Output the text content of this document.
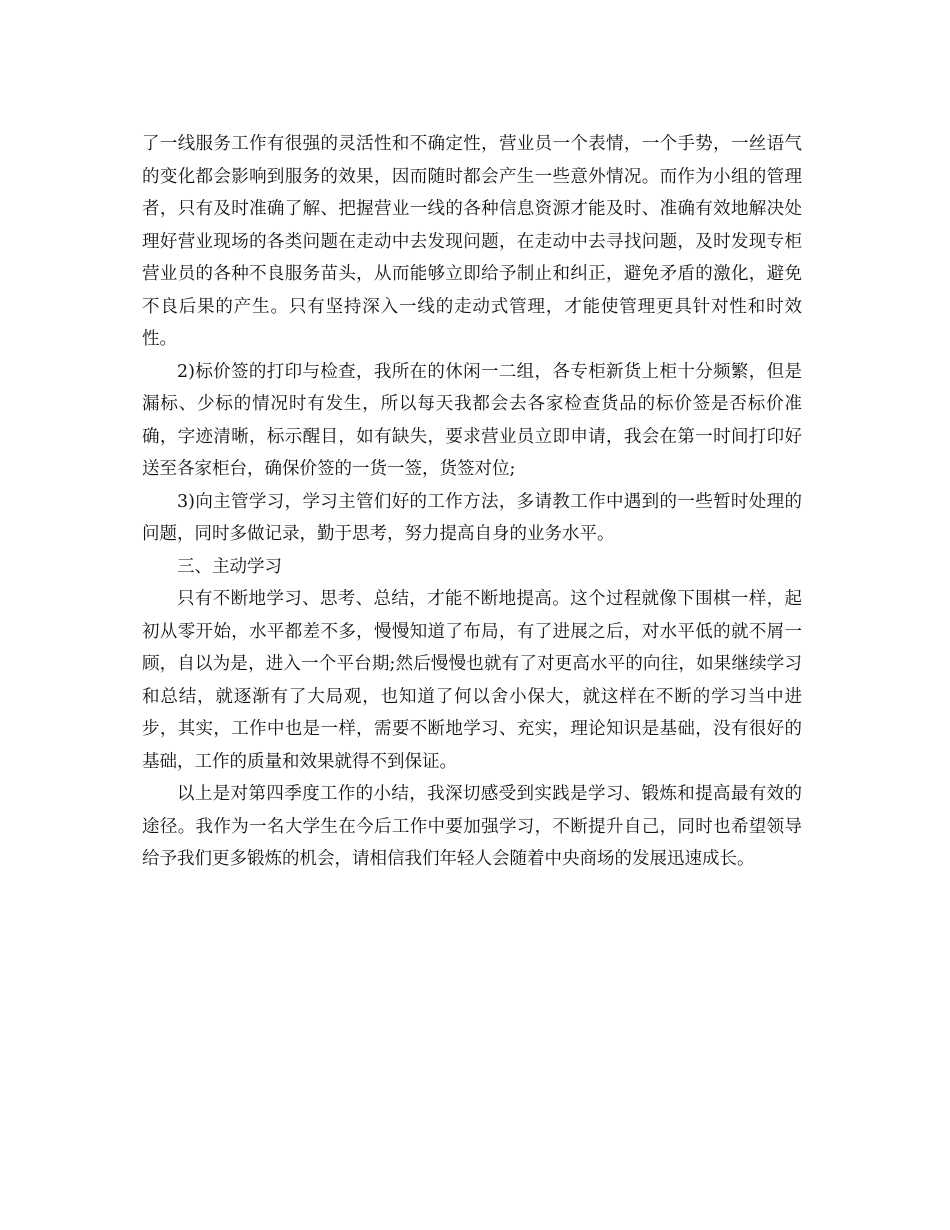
了一线服务工作有很强的灵活性和不确定性，营业员一个表情，一个手势，一丝语气的变化都会影响到服务的效果，因而随时都会产生一些意外情况。而作为小组的管理者，只有及时准确了解、把握营业一线的各种信息资源才能及时、准确有效地解决处理好营业现场的各类问题在走动中去发现问题，在走动中去寻找问题，及时发现专柜营业员的各种不良服务苗头，从而能够立即给予制止和纠正，避免矛盾的激化，避免不良后果的产生。只有坚持深入一线的走动式管理，才能使管理更具针对性和时效性。

2)标价签的打印与检查，我所在的休闲一二组，各专柜新货上柜十分频繁，但是漏标、少标的情况时有发生，所以每天我都会去各家检查货品的标价签是否标价准确，字迹清晰，标示醒目，如有缺失，要求营业员立即申请，我会在第一时间打印好送至各家柜台，确保价签的一货一签，货签对位;

3)向主管学习，学习主管们好的工作方法，多请教工作中遇到的一些暂时处理的问题，同时多做记录，勤于思考，努力提高自身的业务水平。

三、主动学习

只有不断地学习、思考、总结，才能不断地提高。这个过程就像下围棋一样，起初从零开始，水平都差不多，慢慢知道了布局，有了进展之后，对水平低的就不屑一顾，自以为是，进入一个平台期;然后慢慢也就有了对更高水平的向往，如果继续学习和总结，就逐渐有了大局观，也知道了何以舍小保大，就这样在不断的学习当中进步，其实，工作中也是一样，需要不断地学习、充实，理论知识是基础，没有很好的基础，工作的质量和效果就得不到保证。

以上是对第四季度工作的小结，我深切感受到实践是学习、锻炼和提高最有效的途径。我作为一名大学生在今后工作中要加强学习，不断提升自己，同时也希望领导给予我们更多锻炼的机会，请相信我们年轻人会随着中央商场的发展迅速成长。
